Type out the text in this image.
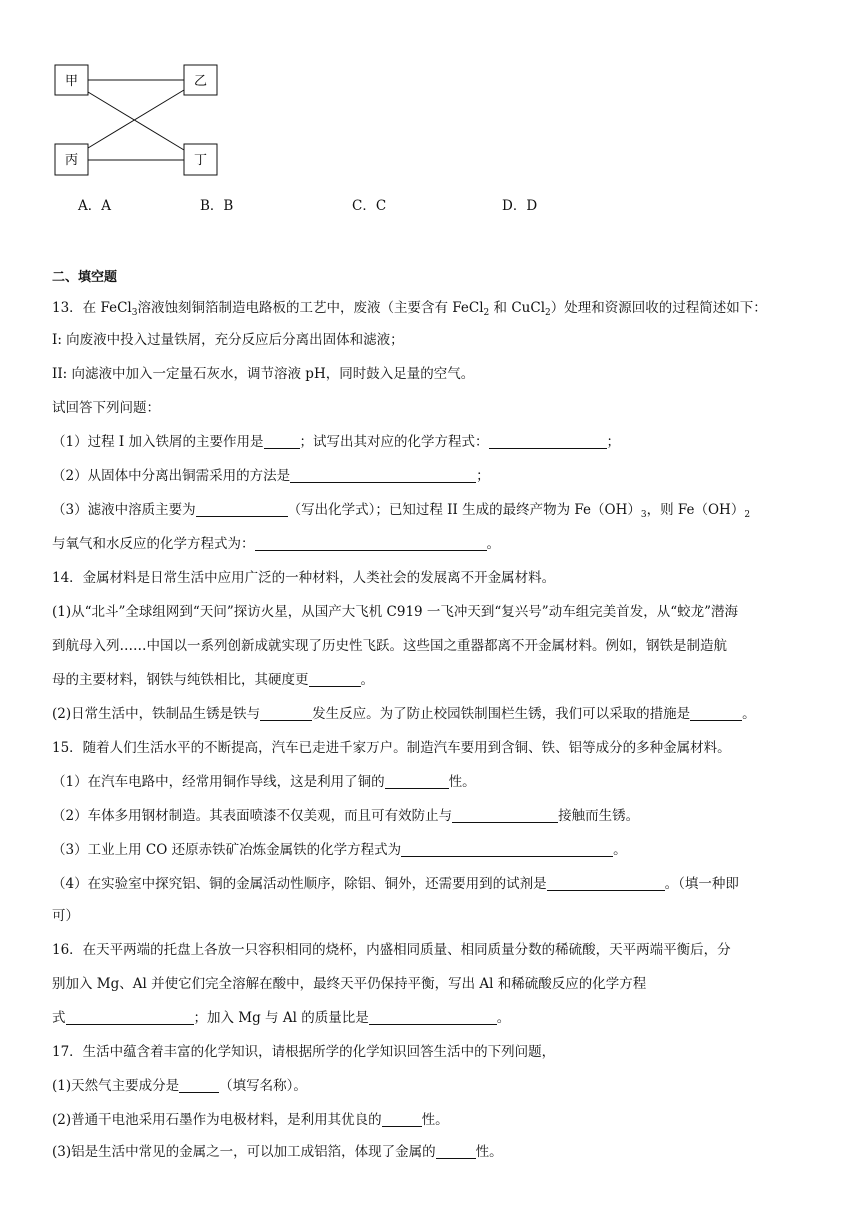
甲	乙
丙	丁
A．A	B．B	C．C	D．D
二、填空题
13．在 FeCl$_3$溶液蚀刻铜箔制造电路板的工艺中，废液（主要含有 FeCl$_2$ 和 CuCl$_2$）处理和资源回收的过程简述如下：
I: 向废液中投入过量铁屑，充分反应后分离出固体和滤液；
II: 向滤液中加入一定量石灰水，调节溶液 pH，同时鼓入足量的空气。
试回答下列问题：
（1）过程 I 加入铁屑的主要作用是	；试写出其对应的化学方程式：	；
（2）从固体中分离出铜需采用的方法是	；
（3）滤液中溶质主要为	（写出化学式）；已知过程 II 生成的最终产物为 $Fe(OH)_3$，则 $Fe(OH)_2$
与氧气和水反应的化学方程式为：	。
14．金属材料是日常生活中应用广泛的一种材料，人类社会的发展离不开金属材料。
(1)从“北斗”全球组网到“天问”探访火星，从国产大飞机 C919 一飞冲天到“复兴号”动车组完美首发，从“蛟龙”潜海
到航母入列……中国以一系列创新成就实现了历史性飞跃。这些国之重器都离不开金属材料。例如，钢铁是制造航
母的主要材料，钢铁与纯铁相比，其硬度更	。
(2)日常生活中，铁制品生锈是铁与	发生反应。为了防止校园铁制围栏生锈，我们可以采取的措施是	。
15．随着人们生活水平的不断提高，汽车已走进千家万户。制造汽车要用到含铜、铁、铝等成分的多种金属材料。
（1）在汽车电路中，经常用铜作导线，这是利用了铜的	性。
（2）车体多用钢材制造。其表面喷漆不仅美观，而且可有效防止与	接触而生锈。
（3）工业上用 CO 还原赤铁矿冶炼金属铁的化学方程式为	。
（4）在实验室中探究铝、铜的金属活动性顺序，除铝、铜外，还需要用到的试剂是	。（填一种即
可）
16．在天平两端的托盘上各放一只容积相同的烧杯，内盛相同质量、相同质量分数的稀硫酸，天平两端平衡后，分
别加入 Mg、Al 并使它们完全溶解在酸中，最终天平仍保持平衡，写出 Al 和稀硫酸反应的化学方程
式	；加入 Mg 与 Al 的质量比是	。
17．生活中蕴含着丰富的化学知识，请根据所学的化学知识回答生活中的下列问题，
(1)天然气主要成分是	（填写名称）。
(2)普通干电池采用石墨作为电极材料，是利用其优良的	性。
(3)铝是生活中常见的金属之一，可以加工成铝箔，体现了金属的	性。
